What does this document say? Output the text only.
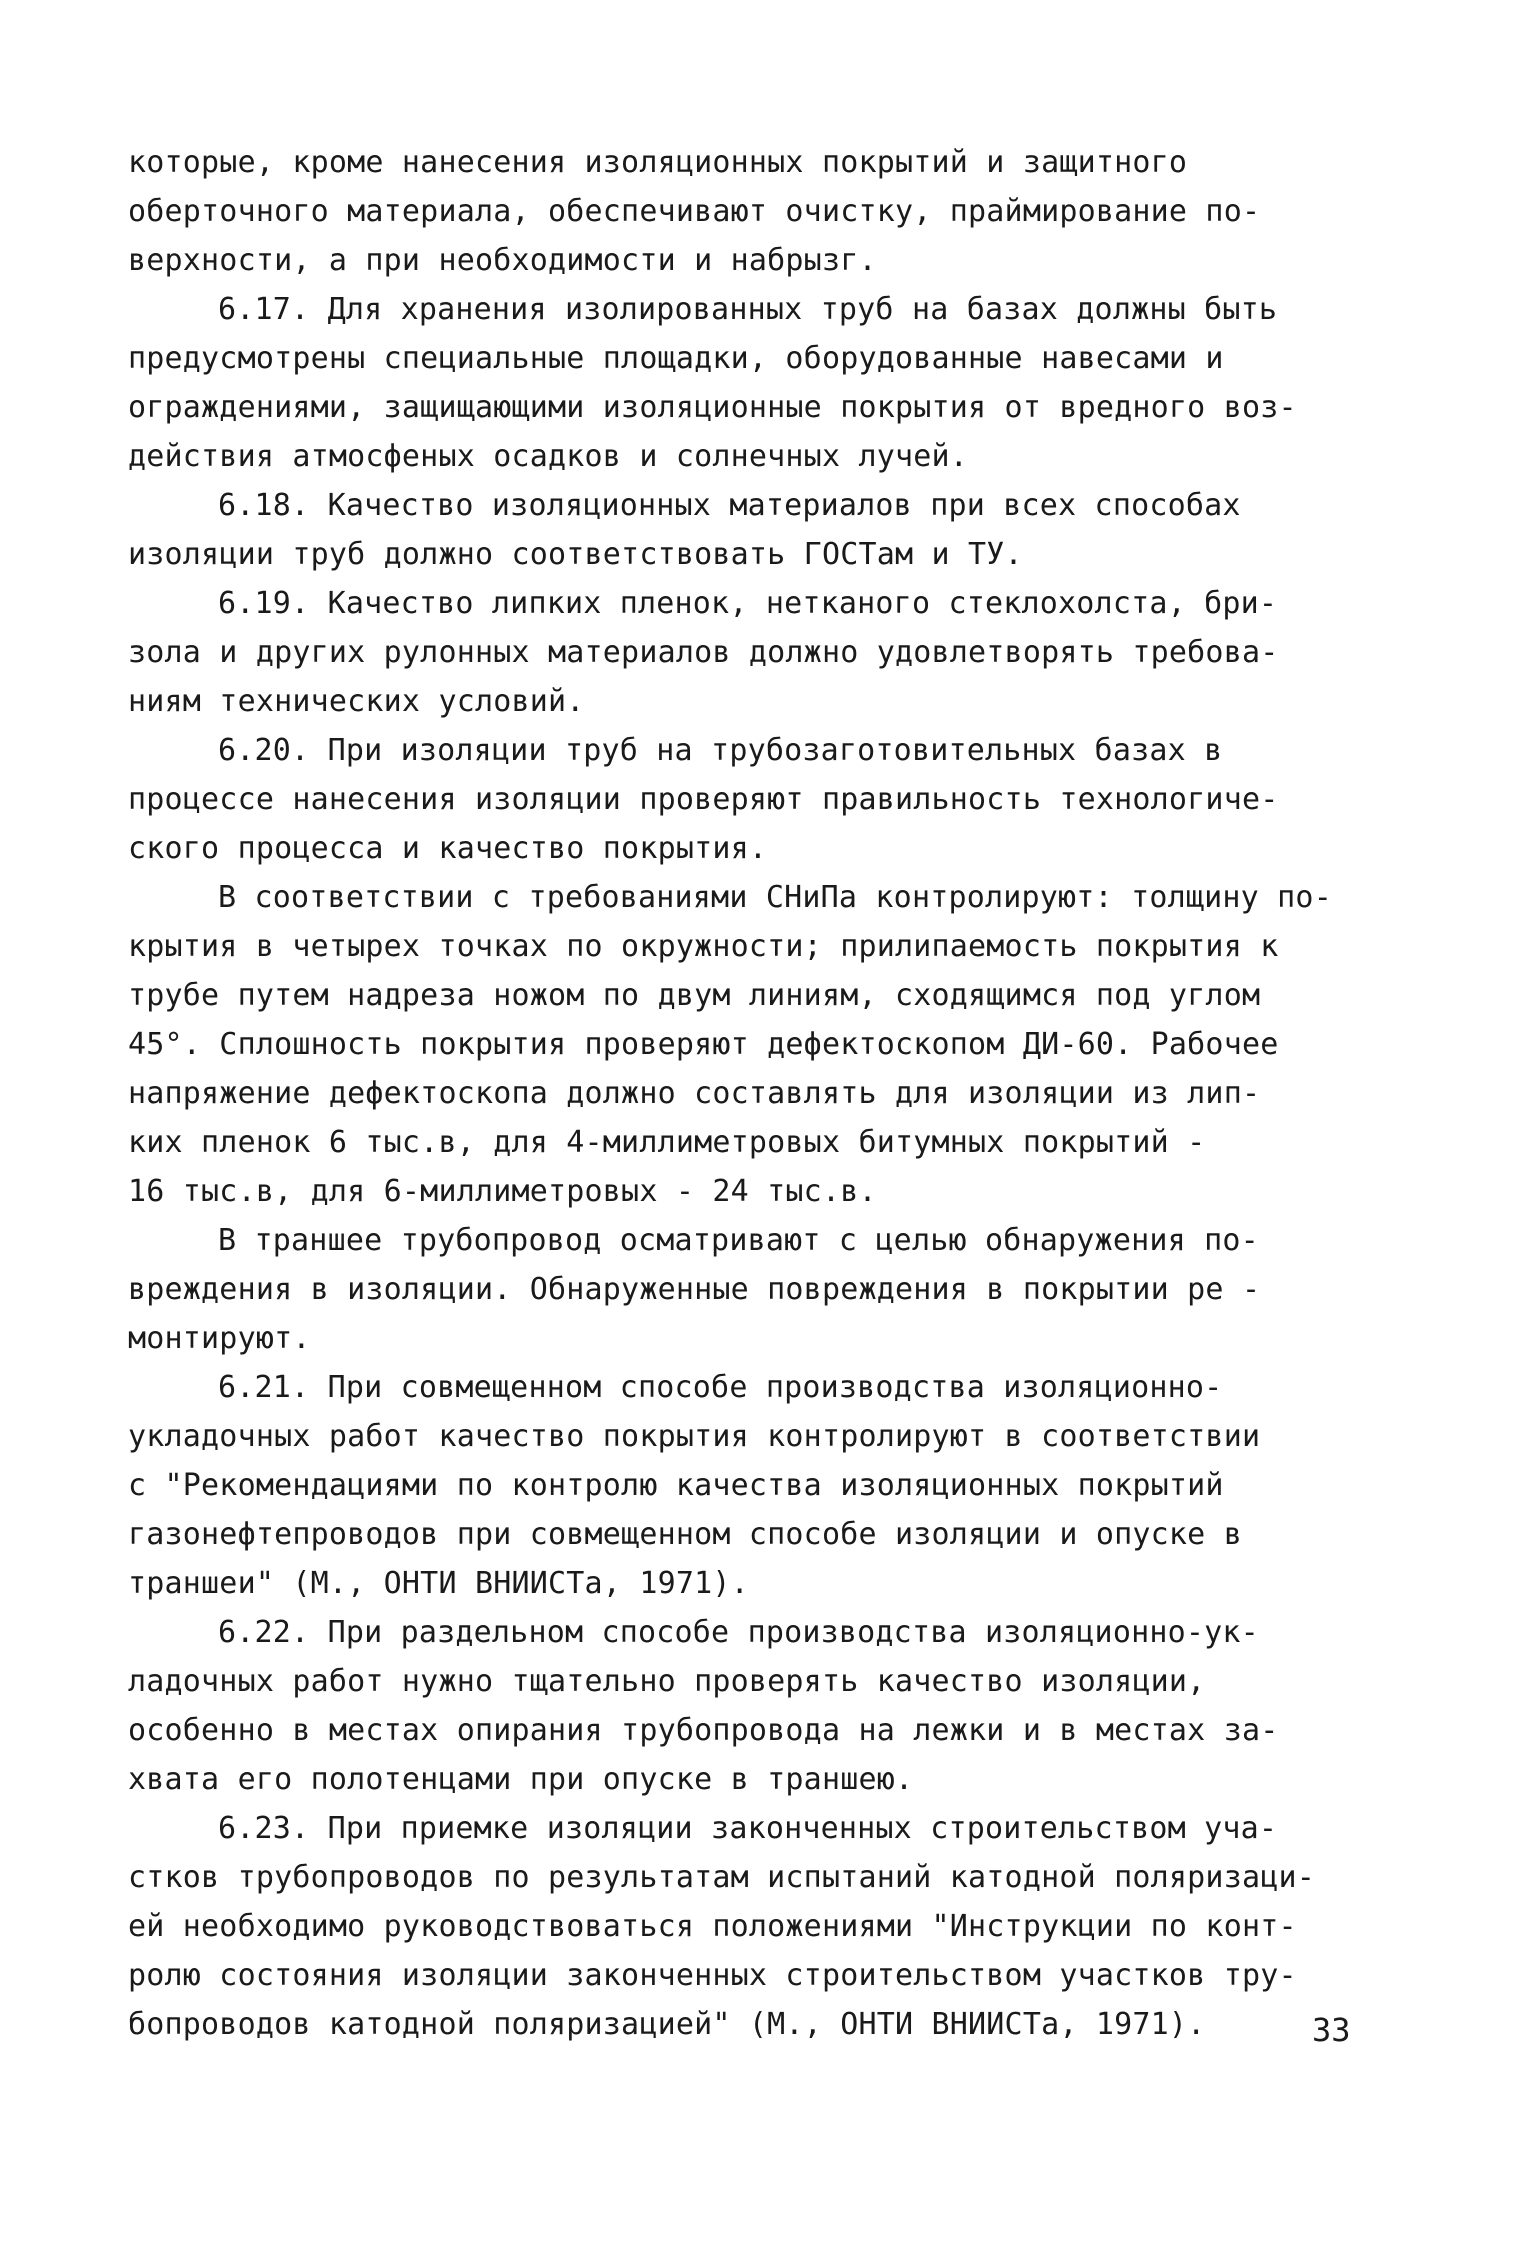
которые, кроме нанесения изоляционных покрытий и защитного
оберточного материала, обеспечивают очистку, праймирование по-
верхности, а при необходимости и набрызг.
6.17. Для хранения изолированных труб на базах должны быть
предусмотрены специальные площадки, оборудованные навесами и
ограждениями, защищающими изоляционные покрытия от вредного воз-
действия атмосфеных осадков и солнечных лучей.
6.18. Качество изоляционных материалов при всех способах
изоляции труб должно соответствовать ГОСТам и ТУ.
6.19. Качество липких пленок, нетканого стеклохолста, бри-
зола и других рулонных материалов должно удовлетворять требова-
ниям технических условий.
6.20. При изоляции труб на трубозаготовительных базах в
процессе нанесения изоляции проверяют правильность технологиче-
ского процесса и качество покрытия.
В соответствии с требованиями СНиПа контролируют: толщину по-
крытия в четырех точках по окружности; прилипаемость покрытия к
трубе путем надреза ножом по двум линиям, сходящимся под углом
45°. Сплошность покрытия проверяют дефектоскопом ДИ-60. Рабочее
напряжение дефектоскопа должно составлять для изоляции из лип-
ких пленок 6 тыс.в, для 4-миллиметровых битумных покрытий -
16 тыс.в, для 6-миллиметровых - 24 тыс.в.
В траншее трубопровод осматривают с целью обнаружения по-
вреждения в изоляции. Обнаруженные повреждения в покрытии ре -
монтируют.
6.21. При совмещенном способе производства изоляционно-
укладочных работ качество покрытия контролируют в соответствии
с "Рекомендациями по контролю качества изоляционных покрытий
газонефтепроводов при совмещенном способе изоляции и опуске в
траншеи" (М., ОНТИ ВНИИСТа, 1971).
6.22. При раздельном способе производства изоляционно-ук-
ладочных работ нужно тщательно проверять качество изоляции,
особенно в местах опирания трубопровода на лежки и в местах за-
хвата его полотенцами при опуске в траншею.
6.23. При приемке изоляции законченных строительством уча-
стков трубопроводов по результатам испытаний катодной поляризаци-
ей необходимо руководствоваться положениями "Инструкции по конт-
ролю состояния изоляции законченных строительством участков тру-
бопроводов катодной поляризацией" (М., ОНТИ ВНИИСТа, 1971).	33
